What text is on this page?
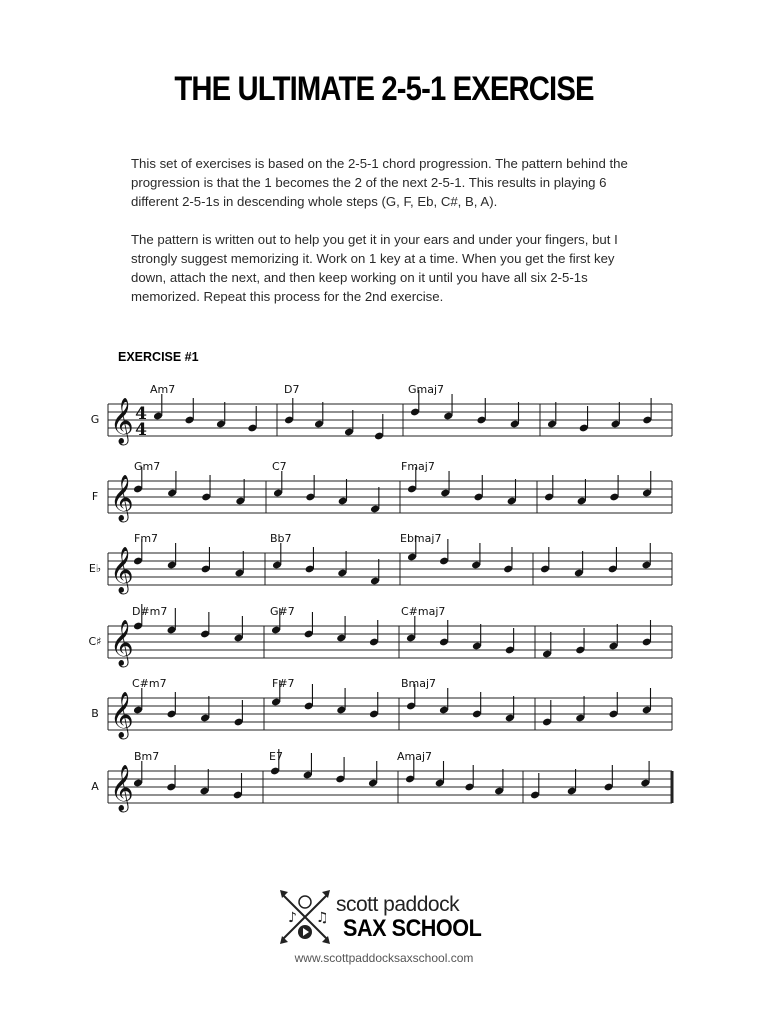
THE ULTIMATE 2-5-1 EXERCISE

This set of exercises is based on the 2-5-1 chord progression. The pattern behind the progression is that the 1 becomes the 2 of the next 2-5-1. This results in playing 6 different 2-5-1s in descending whole steps (G, F, Eb, C#, B, A).

The pattern is written out to help you get it in your ears and under your fingers, but I strongly suggest memorizing it. Work on 1 key at a time. When you get the first key down, attach the next, and then keep working on it until you have all six 2-5-1s memorized. Repeat this process for the 2nd exercise.

EXERCISE #1
𝄞
G 4
4
Am7	D7	Gmaj7
𝄞
F
Gm7	C7	Fmaj7
𝄞
E♭
Fm7	Bb7	Ebmaj7
𝄞
C♯
D#m7	G#7	C#maj7
𝄞
B
C#m7	F#7	Bmaj7
𝄞
A
Bm7	E7	Amaj7
♪ ♫
scott paddock
SAX SCHOOL
www.scottpaddocksaxschool.com
